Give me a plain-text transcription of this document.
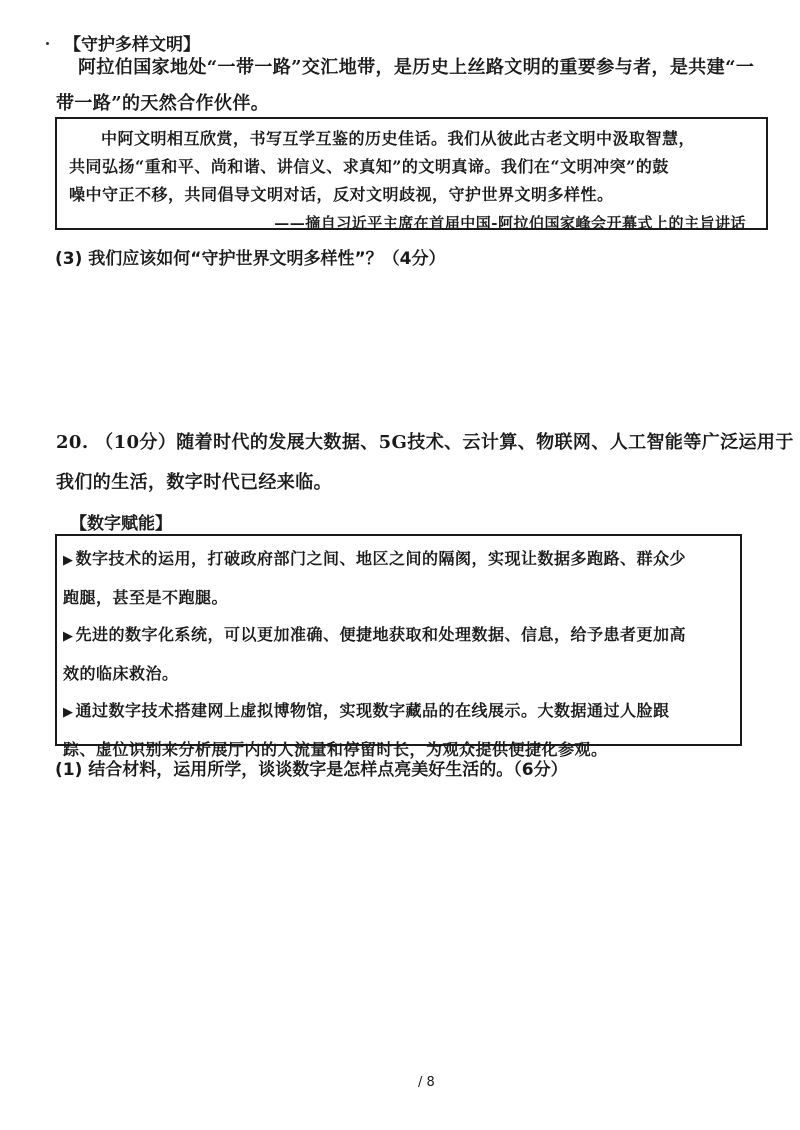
【守护多样文明】
阿拉伯国家地处“一带一路”交汇地带，是历史上丝路文明的重要参与者，是共建“一
带一路”的天然合作伙伴。
中阿文明相互欣赏，书写互学互鉴的历史佳话。我们从彼此古老文明中汲取智慧，
共同弘扬“重和平、尚和谐、讲信义、求真知”的文明真谛。我们在“文明冲突”的鼓
噪中守正不移，共同倡导文明对话，反对文明歧视，守护世界文明多样性。
——摘自习近平主席在首届中国-阿拉伯国家峰会开幕式上的主旨讲话
(3) 我们应该如何“守护世界文明多样性”？（4分）
20. （10分）随着时代的发展大数据、5G技术、云计算、物联网、人工智能等广泛运用于
我们的生活，数字时代已经来临。
【数字赋能】
▶ 数字技术的运用，打破政府部门之间、地区之间的隔阂，实现让数据多跑路、群众少
跑腿，甚至是不跑腿。
▶ 先进的数字化系统，可以更加准确、便捷地获取和处理数据、信息，给予患者更加高
效的临床救治。
▶ 通过数字技术搭建网上虚拟博物馆，实现数字藏品的在线展示。大数据通过人脸跟
踪、虚位识别来分析展厅内的人流量和停留时长，为观众提供便捷化参观。
(1) 结合材料，运用所学，谈谈数字是怎样点亮美好生活的。（6分）
/ 8
